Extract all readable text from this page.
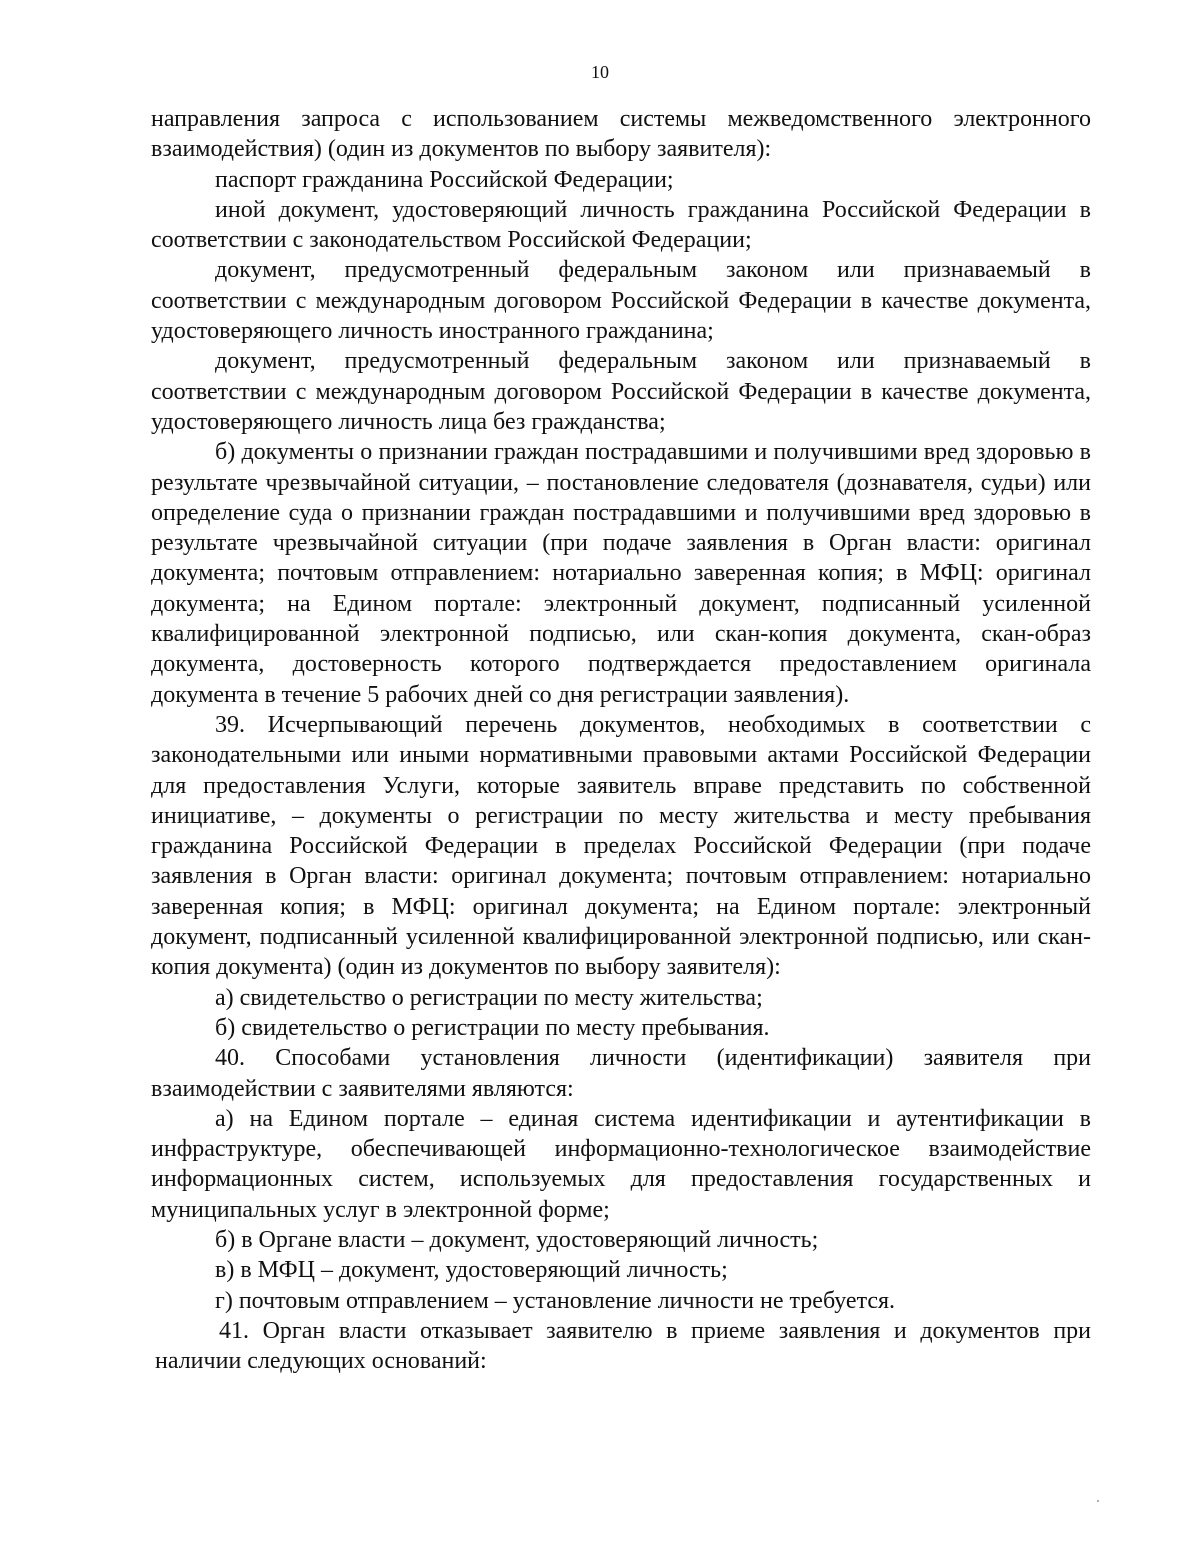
10

направления запроса с использованием системы межведомственного электронного взаимодействия) (один из документов по выбору заявителя):

паспорт гражданина Российской Федерации;

иной документ, удостоверяющий личность гражданина Российской Федерации в соответствии с законодательством Российской Федерации;

документ, предусмотренный федеральным законом или признаваемый в соответствии с международным договором Российской Федерации в качестве документа, удостоверяющего личность иностранного гражданина;

документ, предусмотренный федеральным законом или признаваемый в соответствии с международным договором Российской Федерации в качестве документа, удостоверяющего личность лица без гражданства;

б) документы о признании граждан пострадавшими и получившими вред здоровью в результате чрезвычайной ситуации, – постановление следователя (дознавателя, судьи) или определение суда о признании граждан пострадавшими и получившими вред здоровью в результате чрезвычайной ситуации (при подаче заявления в Орган власти: оригинал документа; почтовым отправлением: нотариально заверенная копия; в МФЦ: оригинал документа; на Едином портале: электронный документ, подписанный усиленной квалифицированной электронной подписью, или скан-копия документа, скан-образ документа, достоверность которого подтверждается предоставлением оригинала документа в течение 5 рабочих дней со дня регистрации заявления).

39. Исчерпывающий перечень документов, необходимых в соответствии с законодательными или иными нормативными правовыми актами Российской Федерации для предоставления Услуги, которые заявитель вправе представить по собственной инициативе, – документы о регистрации по месту жительства и месту пребывания гражданина Российской Федерации в пределах Российской Федерации (при подаче заявления в Орган власти: оригинал документа; почтовым отправлением: нотариально заверенная копия; в МФЦ: оригинал документа; на Едином портале: электронный документ, подписанный усиленной квалифицированной электронной подписью, или скан-копия документа) (один из документов по выбору заявителя):

а) свидетельство о регистрации по месту жительства;

б) свидетельство о регистрации по месту пребывания.

40. Способами установления личности (идентификации) заявителя при взаимодействии с заявителями являются:

а) на Едином портале – единая система идентификации и аутентификации в инфраструктуре, обеспечивающей информационно-технологическое взаимодействие информационных систем, используемых для предоставления государственных и муниципальных услуг в электронной форме;

б) в Органе власти – документ, удостоверяющий личность;

в) в МФЦ – документ, удостоверяющий личность;

г) почтовым отправлением – установление личности не требуется.

41. Орган власти отказывает заявителю в приеме заявления и документов при наличии следующих оснований:
